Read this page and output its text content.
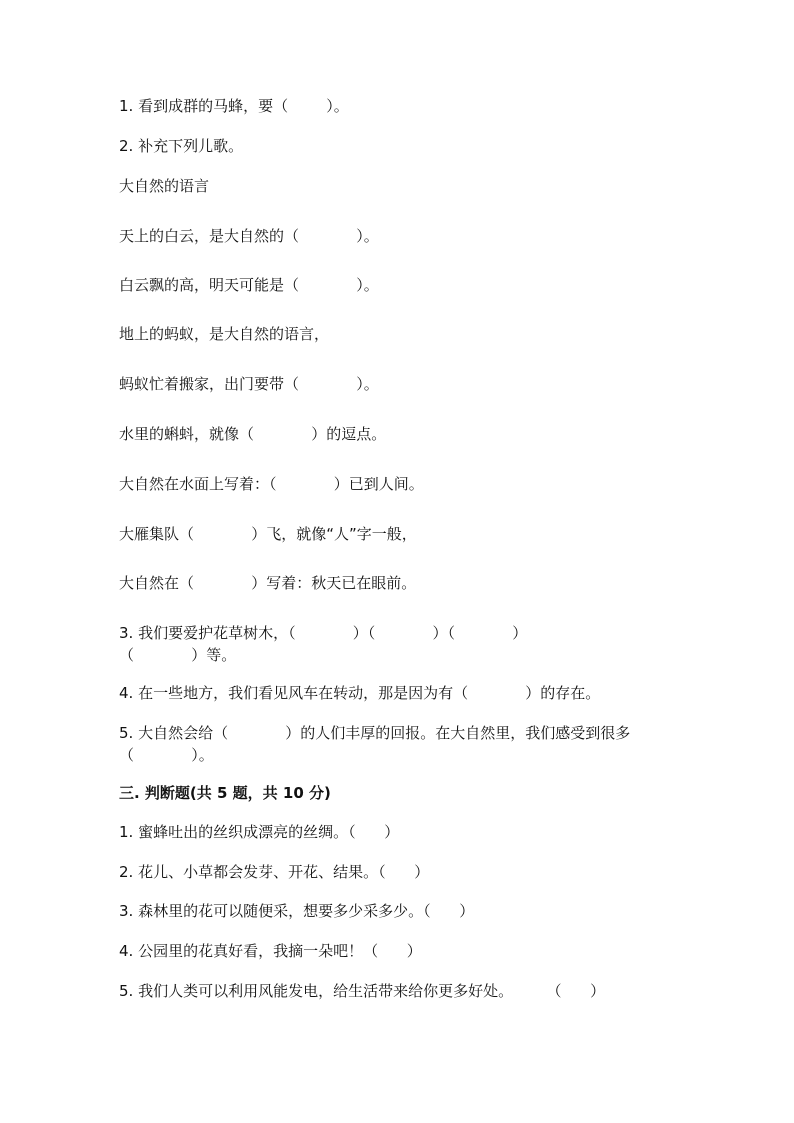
1. 看到成群的马蜂，要（        ）。
2. 补充下列儿歌。
大自然的语言
天上的白云，是大自然的（            ）。
白云飘的高，明天可能是（            ）。
地上的蚂蚁，是大自然的语言，
蚂蚁忙着搬家，出门要带（            ）。
水里的蝌蚪，就像（            ）的逗点。
大自然在水面上写着：（            ）已到人间。
大雁集队（            ）飞，就像“人”字一般，
大自然在（            ）写着：秋天已在眼前。
3. 我们要爱护花草树木，（            ）（            ）（            ）
（            ）等。
4. 在一些地方，我们看见风车在转动，那是因为有（            ）的存在。
5. 大自然会给（            ）的人们丰厚的回报。在大自然里，我们感受到很多
（            ）。
三. 判断题(共 5 题，共 10 分)
1. 蜜蜂吐出的丝织成漂亮的丝绸。（      ）
2. 花儿、小草都会发芽、开花、结果。（      ）
3. 森林里的花可以随便采，想要多少采多少。（      ）
4. 公园里的花真好看，我摘一朵吧！（      ）
5. 我们人类可以利用风能发电，给生活带来给你更多好处。       （      ）
